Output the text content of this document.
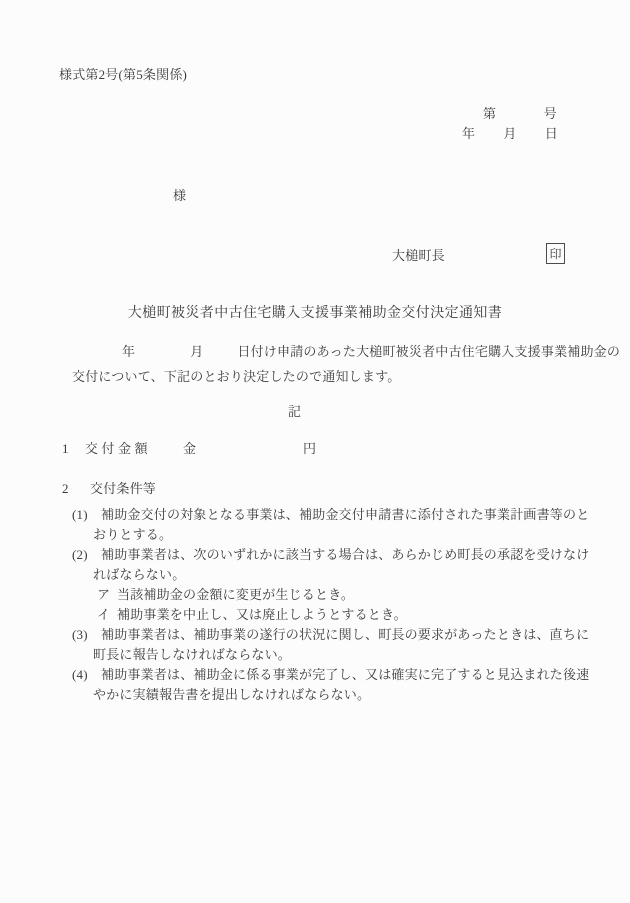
様式第2号(第5条関係)
第	号
年 月 日
様
大槌町長	印
大槌町被災者中古住宅購入支援事業補助金交付決定通知書
年	月	日付け申請のあった大槌町被災者中古住宅購入支援事業補助金の
交付について、下記のとおり決定したので通知します。
記
1 交付金額 金	円
2 交付条件等
(1) 補助金交付の対象となる事業は、補助金交付申請書に添付された事業計画書等のと
おりとする。
(2) 補助事業者は、次のいずれかに該当する場合は、あらかじめ町長の承認を受けなけ
ればならない。
ア 当該補助金の金額に変更が生じるとき。
イ 補助事業を中止し、又は廃止しようとするとき。
(3) 補助事業者は、補助事業の遂行の状況に関し、町長の要求があったときは、直ちに
町長に報告しなければならない。
(4) 補助事業者は、補助金に係る事業が完了し、又は確実に完了すると見込まれた後速
やかに実績報告書を提出しなければならない。
